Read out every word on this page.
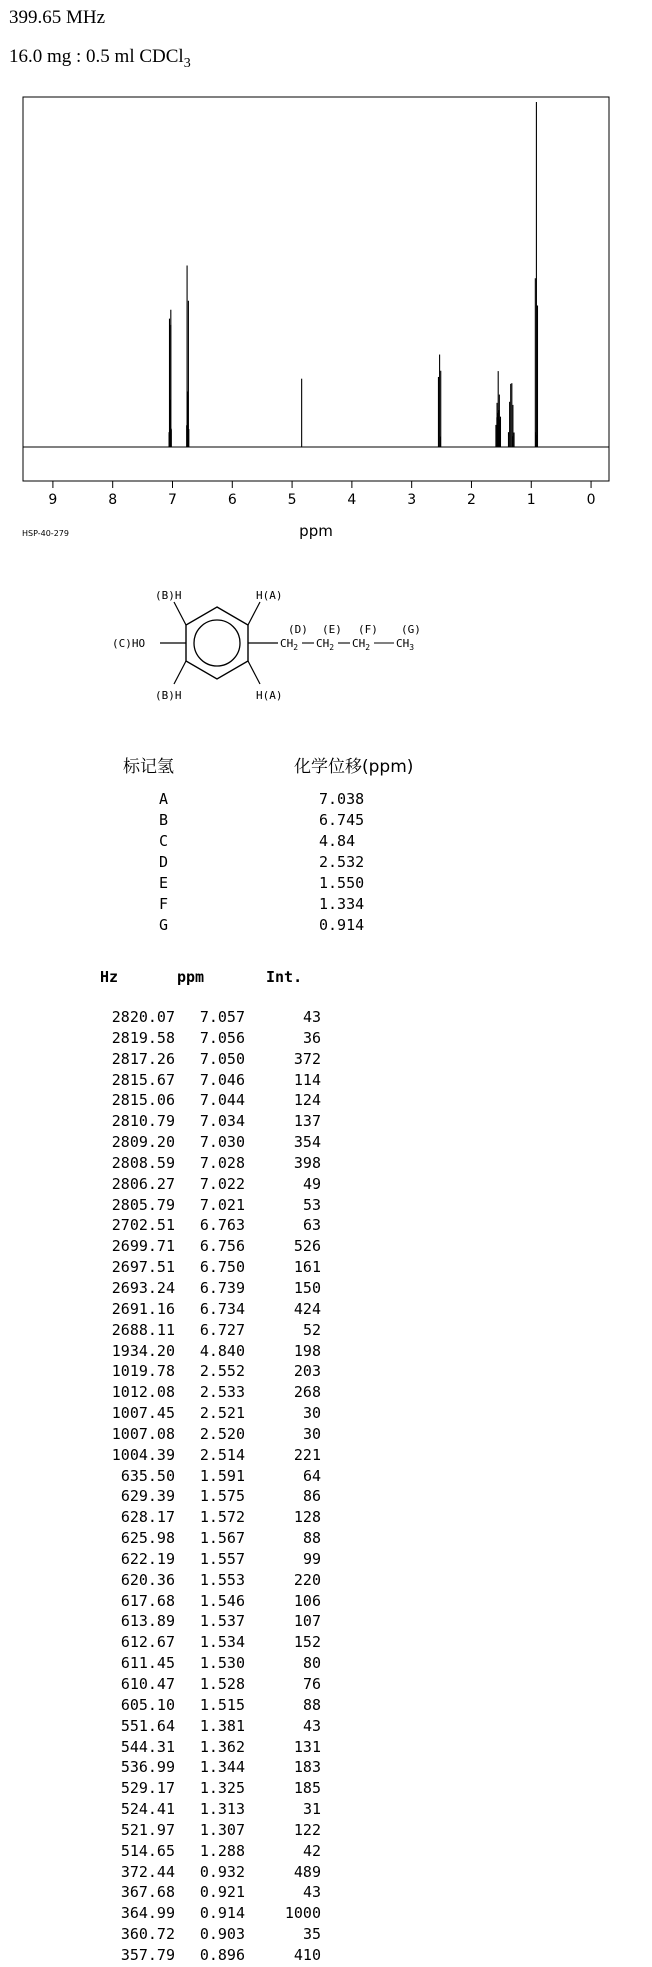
399.65 MHz
16.0 mg : 0.5 ml CDCl$_3$
9	8	7	6	5	4	3	2	1	0
ppm
HSP-40-279
(B)H	H(A)
(C)HO
(B)H	H(A)
(D) (E) (F) (G)
$CH_2$ $CH_2$ $CH_2$ $CH_3$
标记氢	化学位移(ppm)
A	7.038
B	6.745
C	4.84
D	2.532
E	1.550
F	1.334
G	0.914
Hz	ppm	Int.
2820.07	7.057	43
2819.58	7.056	36
2817.26	7.050	372
2815.67	7.046	114
2815.06	7.044	124
2810.79	7.034	137
2809.20	7.030	354
2808.59	7.028	398
2806.27	7.022	49
2805.79	7.021	53
2702.51	6.763	63
2699.71	6.756	526
2697.51	6.750	161
2693.24	6.739	150
2691.16	6.734	424
2688.11	6.727	52
1934.20	4.840	198
1019.78	2.552	203
1012.08	2.533	268
1007.45	2.521	30
1007.08	2.520	30
1004.39	2.514	221
635.50	1.591	64
629.39	1.575	86
628.17	1.572	128
625.98	1.567	88
622.19	1.557	99
620.36	1.553	220
617.68	1.546	106
613.89	1.537	107
612.67	1.534	152
611.45	1.530	80
610.47	1.528	76
605.10	1.515	88
551.64	1.381	43
544.31	1.362	131
536.99	1.344	183
529.17	1.325	185
524.41	1.313	31
521.97	1.307	122
514.65	1.288	42
372.44	0.932	489
367.68	0.921	43
364.99	0.914	1000
360.72	0.903	35
357.79	0.896	410
